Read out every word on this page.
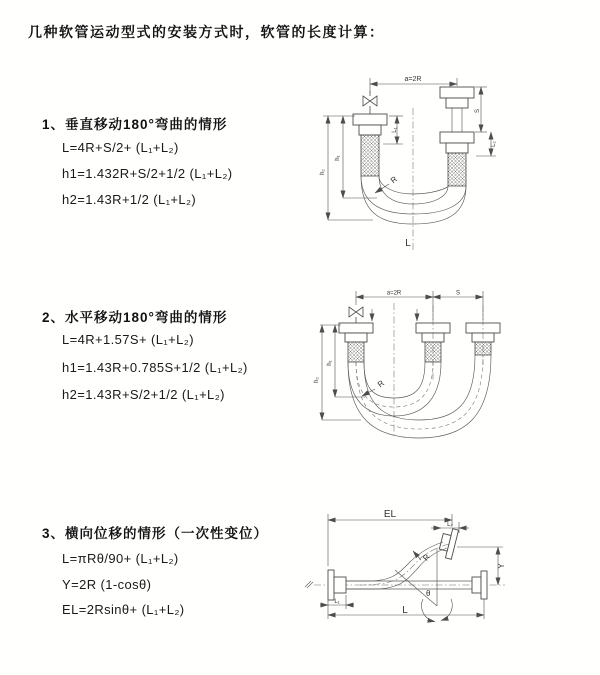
几种软管运动型式的安装方式时，软管的长度计算：
1、垂直移动180°弯曲的情形
L=4R+S/2+ (L₁+L₂)
h1=1.432R+S/2+1/2 (L₁+L₂)
h2=1.43R+1/2 (L₁+L₂)
2、水平移动180°弯曲的情形
L=4R+1.57S+ (L₁+L₂)
h1=1.43R+0.785S+1/2 (L₁+L₂)
h2=1.43R+S/2+1/2 (L₁+L₂)
3、横向位移的情形（一次性变位）
L=πRθ/90+ (L₁+L₂)
Y=2R (1-cosθ)
EL=2Rsinθ+ (L₁+L₂)
a=2R
L₁
S
L₂
h₁
h₂
R
L
a=2R	S
h₁
h₂	R
EL
L₂
L₁
Y
L
R
θ
